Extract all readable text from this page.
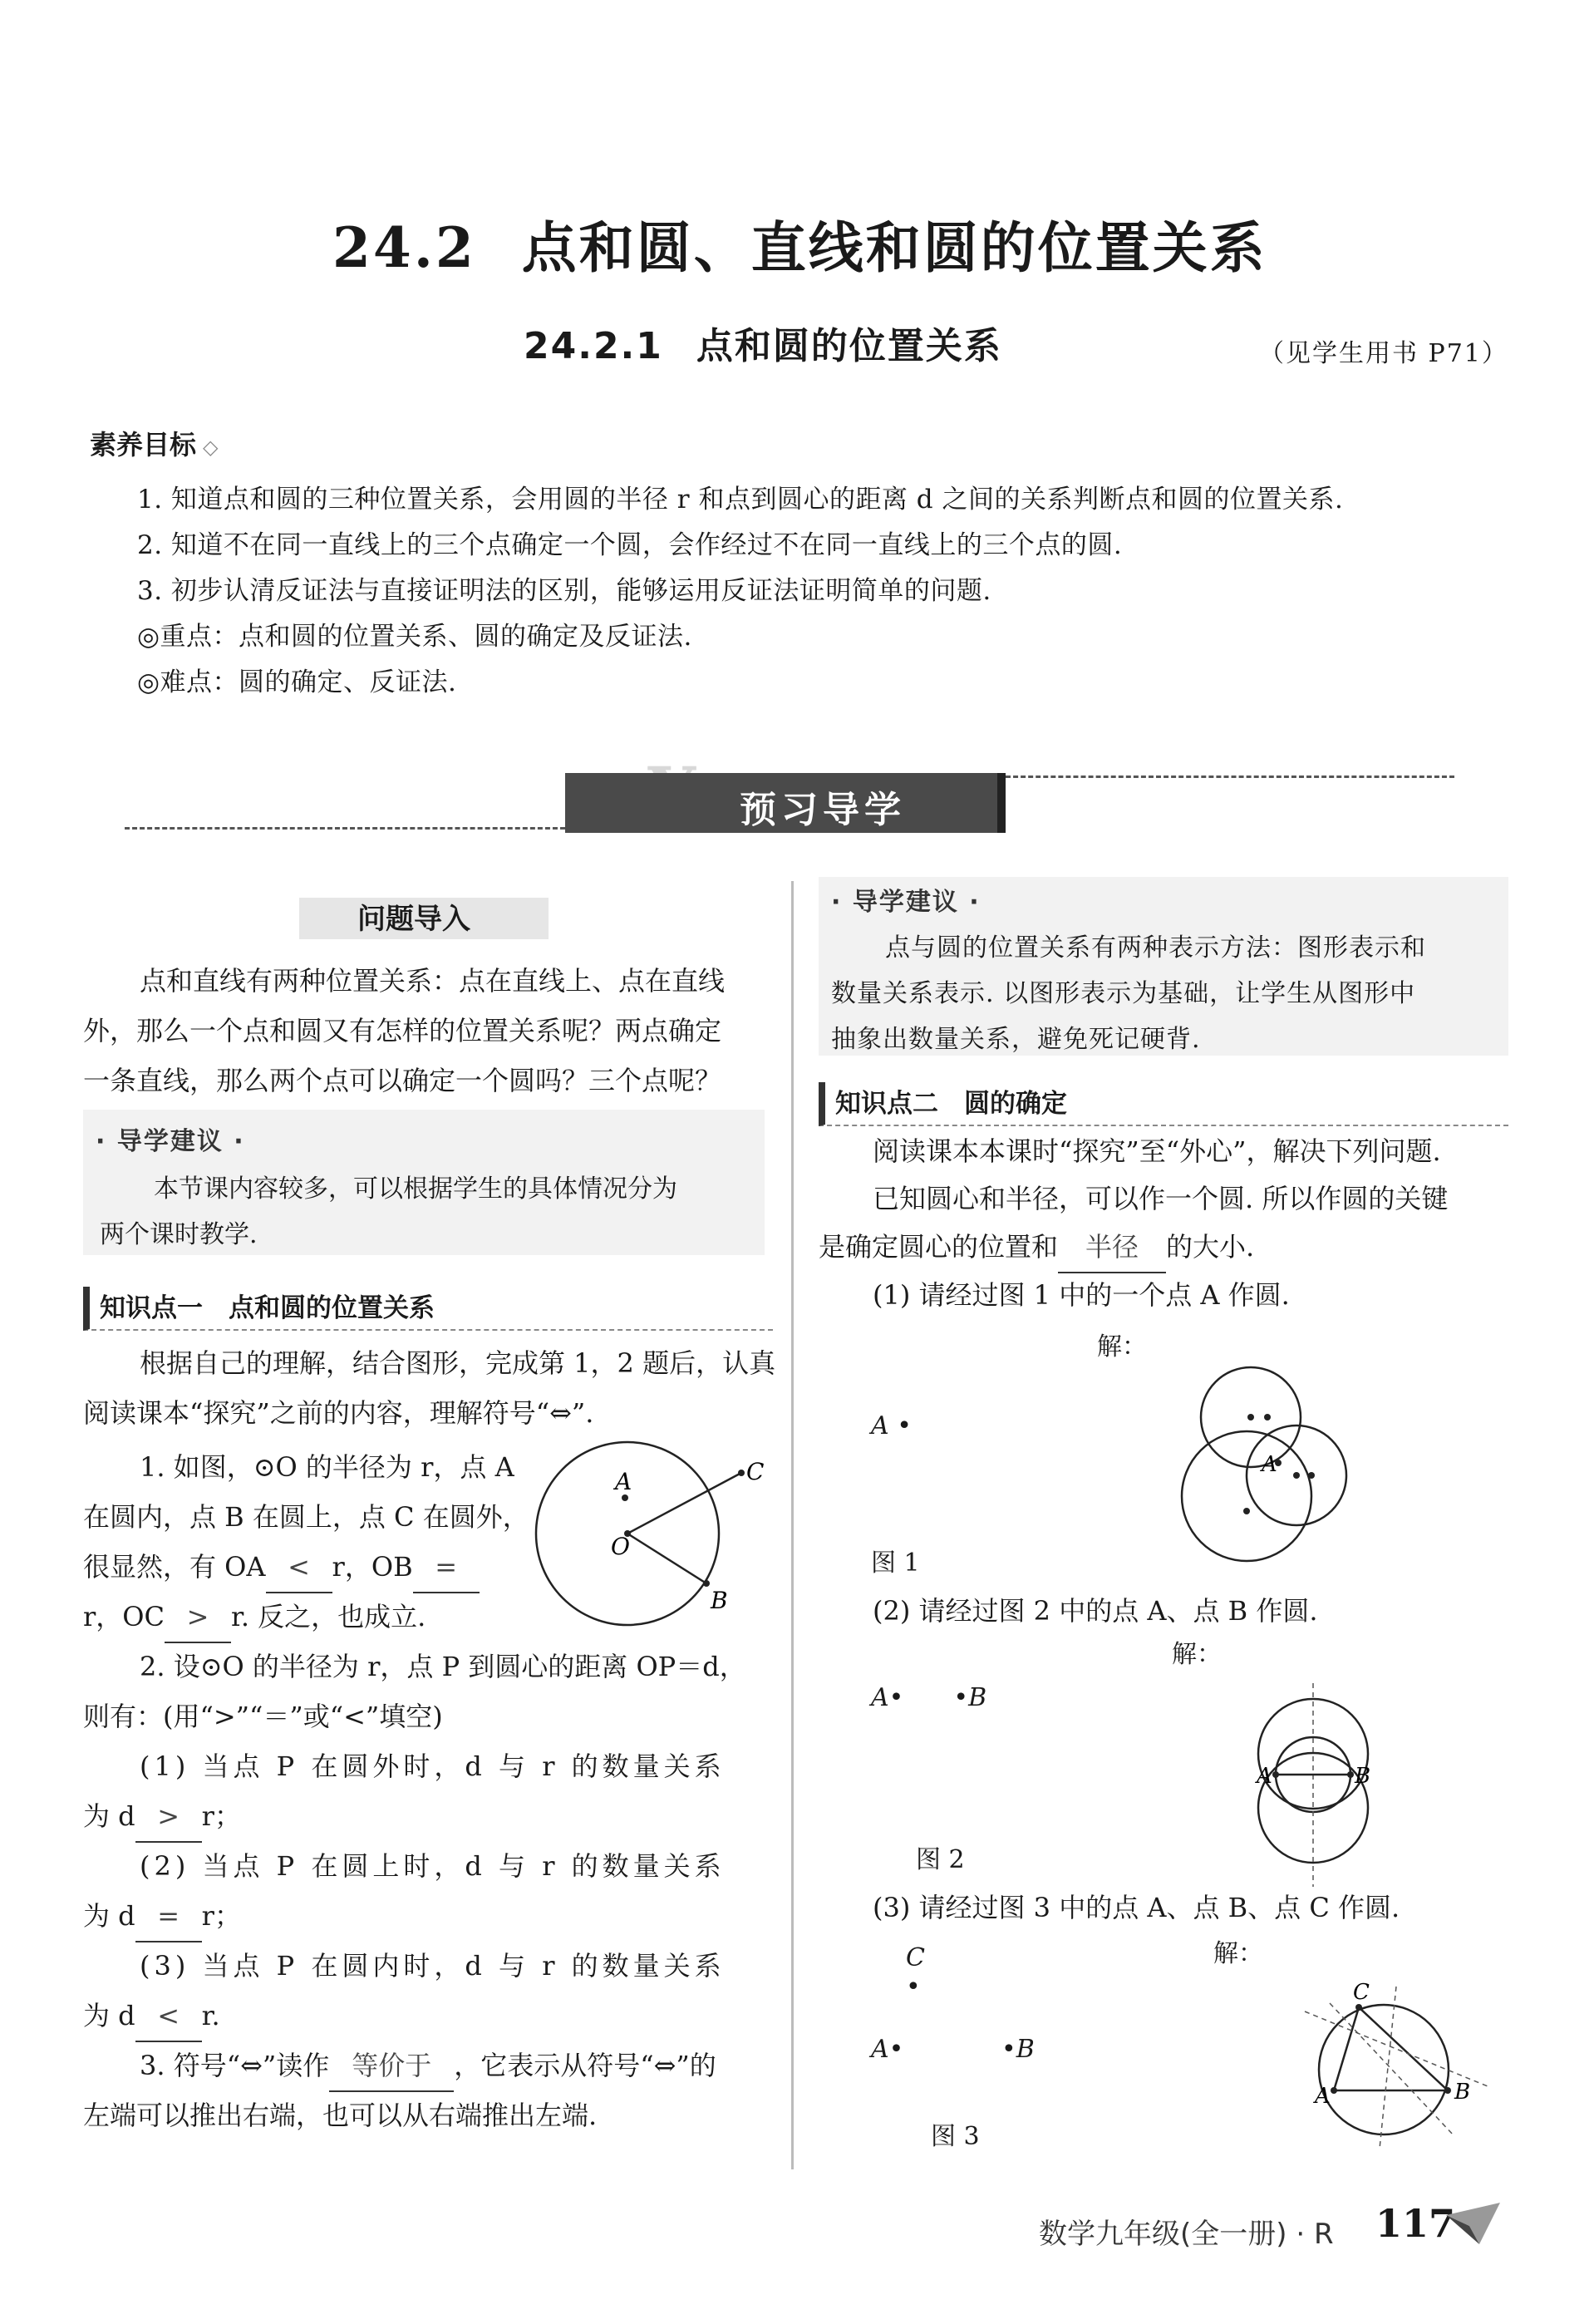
24.2 点和圆、直线和圆的位置关系
24.2.1 点和圆的位置关系	（见学生用书 P71）
素养目标 ◇
1. 知道点和圆的三种位置关系，会用圆的半径 r 和点到圆心的距离 d 之间的关系判断点和圆的位置关系.
2. 知道不在同一直线上的三个点确定一个圆，会作经过不在同一直线上的三个点的圆.
3. 初步认清反证法与直接证明法的区别，能够运用反证法证明简单的问题.
◎重点：点和圆的位置关系、圆的确定及反证法.
◎难点：圆的确定、反证法.
预习导学
问题导入
点和直线有两种位置关系：点在直线上、点在直线
外，那么一个点和圆又有怎样的位置关系呢？两点确定
一条直线，那么两个点可以确定一个圆吗？三个点呢？
· 导学建议 ·
本节课内容较多，可以根据学生的具体情况分为
两个课时教学.
知识点一　点和圆的位置关系
根据自己的理解，结合图形，完成第 1，2 题后，认真
阅读课本“探究”之前的内容，理解符号“⇔”.
1. 如图，⊙O 的半径为 r，点 A
在圆内，点 B 在圆上，点 C 在圆外，
很显然，有 OA < r，OB =
r，OC > r. 反之，也成立.
A
B
C
O
2. 设⊙O 的半径为 r，点 P 到圆心的距离 OP＝d，
则有：(用“>”“＝”或“<”填空)
(1) 当点 P 在圆外时，d 与 r 的数量关系
为 d > r；
(2) 当点 P 在圆上时，d 与 r 的数量关系
为 d = r；
(3) 当点 P 在圆内时，d 与 r 的数量关系
为 d < r.
3. 符号“⇔”读作 等价于 ，它表示从符号“⇔”的
左端可以推出右端，也可以从右端推出左端.
· 导学建议 ·
点与圆的位置关系有两种表示方法：图形表示和
数量关系表示. 以图形表示为基础，让学生从图形中
抽象出数量关系，避免死记硬背.
知识点二　圆的确定
阅读课本本课时“探究”至“外心”，解决下列问题.
已知圆心和半径，可以作一个圆. 所以作圆的关键
是确定圆心的位置和 半径 的大小.
(1) 请经过图 1 中的一个点 A 作圆.
解：
A •
A
图 1
(2) 请经过图 2 中的点 A、点 B 作圆.
解：
A• •B
A	B
图 2
(3) 请经过图 3 中的点 A、点 B、点 C 作圆.
解：
C
•
A•	•B
C
A	B
图 3
数学九年级(全一册) · R 117
